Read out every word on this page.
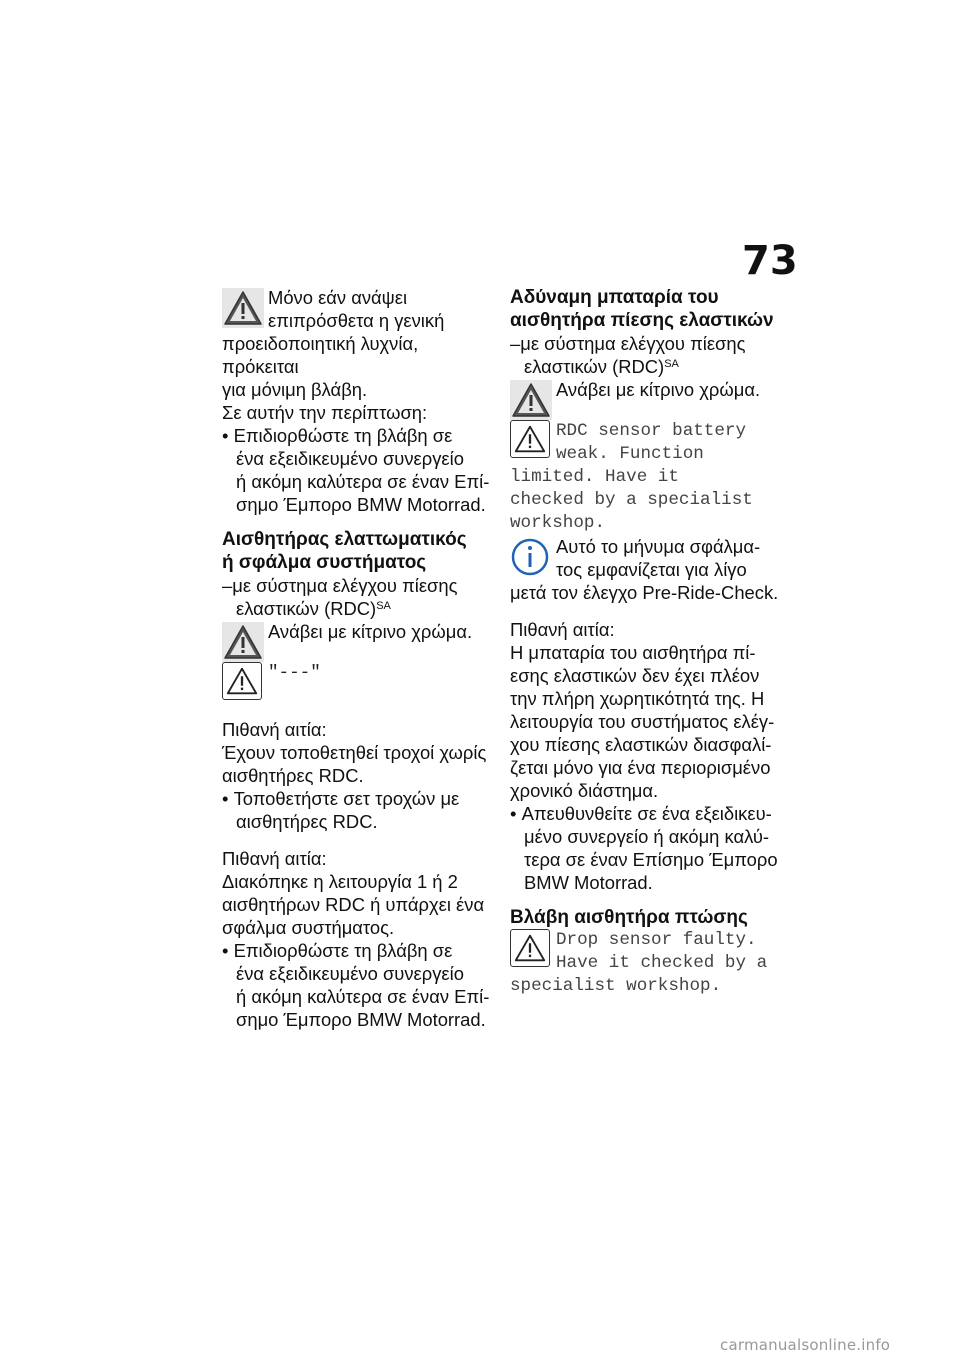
73
Μόνο εάν ανάψει
επιπρόσθετα η γενική
προειδοποιητική λυχνία, πρόκειται
για μόνιμη βλάβη.

Σε αυτήν την περίπτωση:

• Επιδιορθώστε τη βλάβη σε

ένα εξειδικευμένο συνεργείο

ή ακόμη καλύτερα σε έναν Επί-

σημο Έμπορο BMW Motorrad.

Αισθητήρας ελαττωματικός
ή σφάλμα συστήματος

–με σύστημα ελέγχου πίεσης

ελαστικών (RDC)$^{SA}$

Ανάβει με κίτρινο χρώμα.
"---"

Πιθανή αιτία:

Έχουν τοποθετηθεί τροχοί χωρίς

αισθητήρες RDC.

• Τοποθετήστε σετ τροχών με

αισθητήρες RDC.

Πιθανή αιτία:

Διακόπηκε η λειτουργία 1 ή 2

αισθητήρων RDC ή υπάρχει ένα

σφάλμα συστήματος.

• Επιδιορθώστε τη βλάβη σε

ένα εξειδικευμένο συνεργείο

ή ακόμη καλύτερα σε έναν Επί-

σημο Έμπορο BMW Motorrad.

Αδύναμη μπαταρία του
αισθητήρα πίεσης ελαστικών

–με σύστημα ελέγχου πίεσης

ελαστικών (RDC)$^{SA}$

Ανάβει με κίτρινο χρώμα.
RDC sensor battery
weak. Function
limited. Have it
checked by a specialist
workshop.
Αυτό το μήνυμα σφάλμα-
τος εμφανίζεται για λίγο
μετά τον έλεγχο Pre-Ride-Check.

Πιθανή αιτία:

Η μπαταρία του αισθητήρα πί-

εσης ελαστικών δεν έχει πλέον

την πλήρη χωρητικότητά της. Η

λειτουργία του συστήματος ελέγ-

χου πίεσης ελαστικών διασφαλί-

ζεται μόνο για ένα περιορισμένο

χρονικό διάστημα.

• Απευθυνθείτε σε ένα εξειδικευ-

μένο συνεργείο ή ακόμη καλύ-

τερα σε έναν Επίσημο Έμπορο

BMW Motorrad.

Βλάβη αισθητήρα πτώσης
Drop sensor faulty.
Have it checked by a
specialist workshop.
carmanualsonline.info
